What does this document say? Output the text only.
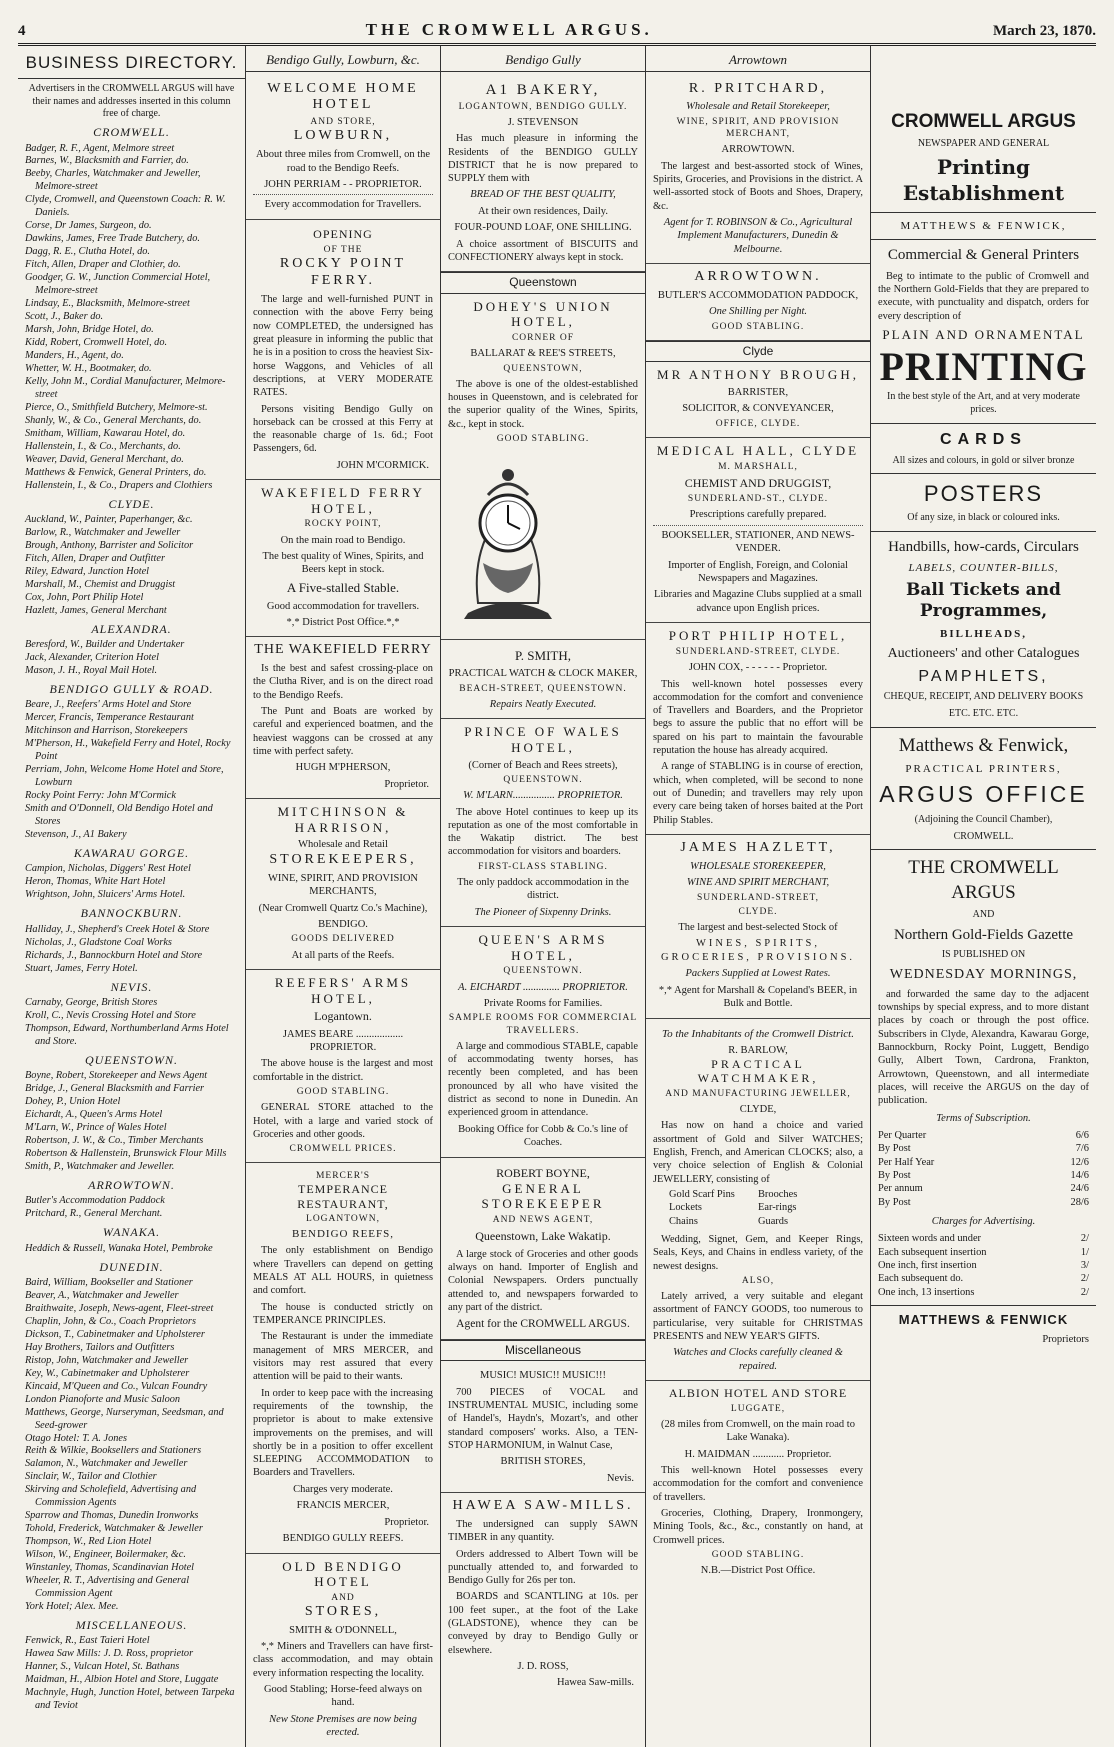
4	THE CROMWELL ARGUS.	March 23, 1870.
BUSINESS DIRECTORY.
Advertisers in the CROMWELL ARGUS will have their names and addresses inserted in this column free of charge.
CROMWELL.
Badger, R. F., Agent, Melmore street
Barnes, W., Blacksmith and Farrier, do.
Beeby, Charles, Watchmaker and Jeweller, Melmore-street
Clyde, Cromwell, and Queenstown Coach: R. W. Daniels.
Corse, Dr James, Surgeon, do.
Dawkins, James, Free Trade Butchery, do.
Dagg, R. E., Clutha Hotel, do.
Fitch, Allen, Draper and Clothier, do.
Goodger, G. W., Junction Commercial Hotel, Melmore-street
Lindsay, E., Blacksmith, Melmore-street
Scott, J., Baker do.
Marsh, John, Bridge Hotel, do.
Kidd, Robert, Cromwell Hotel, do.
Manders, H., Agent, do.
Whetter, W. H., Bootmaker, do.
Kelly, John M., Cordial Manufacturer, Melmore-street
Pierce, O., Smithfield Butchery, Melmore-st.
Shanly, W., & Co., General Merchants, do.
Smitham, William, Kawarau Hotel, do.
Hallenstein, I., & Co., Merchants, do.
Weaver, David, General Merchant, do.
Matthews & Fenwick, General Printers, do.
Hallenstein, I., & Co., Drapers and Clothiers
CLYDE.
Auckland, W., Painter, Paperhanger, &c.
Barlow, R., Watchmaker and Jeweller
Brough, Anthony, Barrister and Solicitor
Fitch, Allen, Draper and Outfitter
Riley, Edward, Junction Hotel
Marshall, M., Chemist and Druggist
Cox, John, Port Philip Hotel
Hazlett, James, General Merchant
ALEXANDRA.
Beresford, W., Builder and Undertaker
Jack, Alexander, Criterion Hotel
Mason, J. H., Royal Mail Hotel.
BENDIGO GULLY & ROAD.
Beare, J., Reefers' Arms Hotel and Store
Mercer, Francis, Temperance Restaurant
Mitchinson and Harrison, Storekeepers
M'Pherson, H., Wakefield Ferry and Hotel, Rocky Point
Perriam, John, Welcome Home Hotel and Store, Lowburn
Rocky Point Ferry: John M'Cormick
Smith and O'Donnell, Old Bendigo Hotel and Stores
Stevenson, J., A1 Bakery
KAWARAU GORGE.
Campion, Nicholas, Diggers' Rest Hotel
Heron, Thomas, White Hart Hotel
Wrightson, John, Sluicers' Arms Hotel.
BANNOCKBURN.
Halliday, J., Shepherd's Creek Hotel & Store
Nicholas, J., Gladstone Coal Works
Richards, J., Bannockburn Hotel and Store
Stuart, James, Ferry Hotel.
NEVIS.
Carnaby, George, British Stores
Kroll, C., Nevis Crossing Hotel and Store
Thompson, Edward, Northumberland Arms Hotel and Store.
QUEENSTOWN.
Boyne, Robert, Storekeeper and News Agent
Bridge, J., General Blacksmith and Farrier
Dohey, P., Union Hotel
Eichardt, A., Queen's Arms Hotel
M'Larn, W., Prince of Wales Hotel
Robertson, J. W., & Co., Timber Merchants
Robertson & Hallenstein, Brunswick Flour Mills
Smith, P., Watchmaker and Jeweller.
ARROWTOWN.
Butler's Accommodation Paddock
Pritchard, R., General Merchant.
WANAKA.
Heddich & Russell, Wanaka Hotel, Pembroke
DUNEDIN.
Baird, William, Bookseller and Stationer
Beaver, A., Watchmaker and Jeweller
Braithwaite, Joseph, News-agent, Fleet-street
Chaplin, John, & Co., Coach Proprietors
Dickson, T., Cabinetmaker and Upholsterer
Hay Brothers, Tailors and Outfitters
Ristop, John, Watchmaker and Jeweller
Key, W., Cabinetmaker and Upholsterer
Kincaid, M'Queen and Co., Vulcan Foundry
London Pianoforte and Music Saloon
Matthews, George, Nurseryman, Seedsman, and Seed-grower
Otago Hotel: T. A. Jones
Reith & Wilkie, Booksellers and Stationers
Salamon, N., Watchmaker and Jeweller
Sinclair, W., Tailor and Clothier
Skirving and Scholefield, Advertising and Commission Agents
Sparrow and Thomas, Dunedin Ironworks
Tohold, Frederick, Watchmaker & Jeweller
Thompson, W., Red Lion Hotel
Wilson, W., Engineer, Boilermaker, &c.
Winstanley, Thomas, Scandinavian Hotel
Wheeler, R. T., Advertising and General Commission Agent
York Hotel; Alex. Mee.
MISCELLANEOUS.
Fenwick, R., East Taieri Hotel
Hawea Saw Mills: J. D. Ross, proprietor
Hanner, S., Vulcan Hotel, St. Bathans
Maidman, H., Albion Hotel and Store, Luggate
Machnyle, Hugh, Junction Hotel, between Tarpeka and Teviot
Bendigo Gully, Lowburn, &c.
WELCOME HOME HOTEL
AND STORE,
LOWBURN,
About three miles from Cromwell, on the road to the Bendigo Reefs.
JOHN PERRIAM - - PROPRIETOR.
Every accommodation for Travellers.
OPENING
OF THE
ROCKY POINT FERRY.
The large and well-furnished PUNT in connection with the above Ferry being now COMPLETED, the undersigned has great pleasure in informing the public that he is in a position to cross the heaviest Six-horse Waggons, and Vehicles of all descriptions, at VERY MODERATE RATES.
Persons visiting Bendigo Gully on horseback can be crossed at this Ferry at the reasonable charge of 1s. 6d.; Foot Passengers, 6d.
JOHN M'CORMICK.
WAKEFIELD FERRY HOTEL,
ROCKY POINT,
On the main road to Bendigo.
The best quality of Wines, Spirits, and Beers kept in stock.
A Five-stalled Stable.
Good accommodation for travellers.
*,* District Post Office.*,*
THE WAKEFIELD FERRY
Is the best and safest crossing-place on the Clutha River, and is on the direct road to the Bendigo Reefs.
The Punt and Boats are worked by careful and experienced boatmen, and the heaviest waggons can be crossed at any time with perfect safety.
HUGH M'PHERSON,
Proprietor.
MITCHINSON & HARRISON,
Wholesale and Retail
STOREKEEPERS,
WINE, SPIRIT, AND PROVISION MERCHANTS,
(Near Cromwell Quartz Co.'s Machine),
BENDIGO.
GOODS DELIVERED
At all parts of the Reefs.
REEFERS' ARMS HOTEL,
Logantown.
JAMES BEARE .................. PROPRIETOR.
The above house is the largest and most comfortable in the district.
GOOD STABLING.
GENERAL STORE attached to the Hotel, with a large and varied stock of Groceries and other goods.
CROMWELL PRICES.
MERCER'S
TEMPERANCE RESTAURANT,
LOGANTOWN,
BENDIGO REEFS,
The only establishment on Bendigo where Travellers can depend on getting MEALS AT ALL HOURS, in quietness and comfort.
The house is conducted strictly on TEMPERANCE PRINCIPLES.
The Restaurant is under the immediate management of MRS MERCER, and visitors may rest assured that every attention will be paid to their wants.
In order to keep pace with the increasing requirements of the township, the proprietor is about to make extensive improvements on the premises, and will shortly be in a position to offer excellent SLEEPING ACCOMMODATION to Boarders and Travellers.
Charges very moderate.
FRANCIS MERCER,
Proprietor.
BENDIGO GULLY REEFS.
OLD BENDIGO HOTEL
AND
STORES,
SMITH & O'DONNELL,
*,* Miners and Travellers can have first-class accommodation, and may obtain every information respecting the locality.
Good Stabling; Horse-feed always on hand.
New Stone Premises are now being erected.
Bendigo Gully
A1 BAKERY,
LOGANTOWN, BENDIGO GULLY.
J. STEVENSON
Has much pleasure in informing the Residents of the BENDIGO GULLY DISTRICT that he is now prepared to SUPPLY them with
BREAD OF THE BEST QUALITY,
At their own residences, Daily.
FOUR-POUND LOAF, ONE SHILLING.
A choice assortment of BISCUITS and CONFECTIONERY always kept in stock.
Queenstown
DOHEY'S UNION HOTEL,
CORNER OF
BALLARAT & REE'S STREETS,
QUEENSTOWN,
The above is one of the oldest-established houses in Queenstown, and is celebrated for the superior quality of the Wines, Spirits, &c., kept in stock.
GOOD STABLING.
P. SMITH,
PRACTICAL WATCH & CLOCK MAKER,
BEACH-STREET, QUEENSTOWN.
Repairs Neatly Executed.
PRINCE OF WALES HOTEL,
(Corner of Beach and Rees streets),
QUEENSTOWN.
W. M'LARN................ PROPRIETOR.
The above Hotel continues to keep up its reputation as one of the most comfortable in the Wakatip district. The best accommodation for visitors and boarders.
FIRST-CLASS STABLING.
The only paddock accommodation in the district.
The Pioneer of Sixpenny Drinks.
QUEEN'S ARMS HOTEL,
QUEENSTOWN.
A. EICHARDT .............. PROPRIETOR.
Private Rooms for Families.
SAMPLE ROOMS FOR COMMERCIAL TRAVELLERS.
A large and commodious STABLE, capable of accommodating twenty horses, has recently been completed, and has been pronounced by all who have visited the district as second to none in Dunedin. An experienced groom in attendance.
Booking Office for Cobb & Co.'s line of Coaches.
ROBERT BOYNE,
GENERAL STOREKEEPER
AND NEWS AGENT,
Queenstown, Lake Wakatip.
A large stock of Groceries and other goods always on hand. Importer of English and Colonial Newspapers. Orders punctually attended to, and newspapers forwarded to any part of the district.
Agent for the CROMWELL ARGUS.
Miscellaneous
MUSIC! MUSIC!! MUSIC!!!
700 PIECES of VOCAL and INSTRUMENTAL MUSIC, including some of Handel's, Haydn's, Mozart's, and other standard composers' works. Also, a TEN-STOP HARMONIUM, in Walnut Case,
BRITISH STORES,
Nevis.
HAWEA SAW-MILLS.
The undersigned can supply SAWN TIMBER in any quantity.
Orders addressed to Albert Town will be punctually attended to, and forwarded to Bendigo Gully for 26s per ton.
BOARDS and SCANTLING at 10s. per 100 feet super., at the foot of the Lake (GLADSTONE), whence they can be conveyed by dray to Bendigo Gully or elsewhere.
J. D. ROSS,
Hawea Saw-mills.
Arrowtown
R. PRITCHARD,
Wholesale and Retail Storekeeper,
WINE, SPIRIT, AND PROVISION MERCHANT,
ARROWTOWN.
The largest and best-assorted stock of Wines, Spirits, Groceries, and Provisions in the district. A well-assorted stock of Boots and Shoes, Drapery, &c.
Agent for T. ROBINSON & Co., Agricultural Implement Manufacturers, Dunedin & Melbourne.
ARROWTOWN.
BUTLER'S ACCOMMODATION PADDOCK,
One Shilling per Night.
GOOD STABLING.
Clyde
MR ANTHONY BROUGH,
BARRISTER,
SOLICITOR, & CONVEYANCER,
OFFICE, CLYDE.
MEDICAL HALL, CLYDE
M. MARSHALL,
CHEMIST AND DRUGGIST,
SUNDERLAND-ST., CLYDE.
Prescriptions carefully prepared.
BOOKSELLER, STATIONER, AND NEWS-VENDER.
Importer of English, Foreign, and Colonial Newspapers and Magazines.
Libraries and Magazine Clubs supplied at a small advance upon English prices.
PORT PHILIP HOTEL,
SUNDERLAND-STREET, CLYDE.
JOHN COX, - - - - - - Proprietor.
This well-known hotel possesses every accommodation for the comfort and convenience of Travellers and Boarders, and the Proprietor begs to assure the public that no effort will be spared on his part to maintain the favourable reputation the house has already acquired.
A range of STABLING is in course of erection, which, when completed, will be second to none out of Dunedin; and travellers may rely upon every care being taken of horses baited at the Port Philip Stables.
JAMES HAZLETT,
WHOLESALE STOREKEEPER,
WINE AND SPIRIT MERCHANT,
SUNDERLAND-STREET,
CLYDE.
The largest and best-selected Stock of
WINES, SPIRITS, GROCERIES, PROVISIONS.
Packers Supplied at Lowest Rates.
*,* Agent for Marshall & Copeland's BEER, in Bulk and Bottle.
To the Inhabitants of the Cromwell District.
R. BARLOW,
PRACTICAL WATCHMAKER,
AND MANUFACTURING JEWELLER,
CLYDE,
Has now on hand a choice and varied assortment of Gold and Silver WATCHES; English, French, and American CLOCKS; also, a very choice selection of English & Colonial JEWELLERY, consisting of
Gold Scarf Pins	Brooches
Lockets	Ear-rings
Chains	Guards
Wedding, Signet, Gem, and Keeper Rings, Seals, Keys, and Chains in endless variety, of the newest designs.
ALSO,
Lately arrived, a very suitable and elegant assortment of FANCY GOODS, too numerous to particularise, very suitable for CHRISTMAS PRESENTS and NEW YEAR'S GIFTS.
Watches and Clocks carefully cleaned & repaired.
ALBION HOTEL AND STORE
LUGGATE,
(28 miles from Cromwell, on the main road to Lake Wanaka).
H. MAIDMAN ............ Proprietor.
This well-known Hotel possesses every accommodation for the comfort and convenience of travellers.
Groceries, Clothing, Drapery, Ironmongery, Mining Tools, &c., &c., constantly on hand, at Cromwell prices.
GOOD STABLING.
N.B.—District Post Office.
CROMWELL ARGUS
NEWSPAPER AND GENERAL
Printing Establishment
MATTHEWS & FENWICK,
Commercial & General Printers
Beg to intimate to the public of Cromwell and the Northern Gold-Fields that they are prepared to execute, with punctuality and dispatch, orders for every description of
PLAIN AND ORNAMENTAL
PRINTING
In the best style of the Art, and at very moderate prices.
CARDS
All sizes and colours, in gold or silver bronze
POSTERS
Of any size, in black or coloured inks.
Handbills, how-cards, Circulars
LABELS, COUNTER-BILLS,
Ball Tickets and Programmes,
BILLHEADS,
Auctioneers' and other Catalogues
PAMPHLETS,
CHEQUE, RECEIPT, AND DELIVERY BOOKS
ETC. ETC. ETC.
Matthews & Fenwick,
PRACTICAL PRINTERS,
ARGUS OFFICE
(Adjoining the Council Chamber),
CROMWELL.
THE CROMWELL ARGUS
AND
Northern Gold-Fields Gazette
IS PUBLISHED ON
WEDNESDAY MORNINGS,
and forwarded the same day to the adjacent townships by special express, and to more distant places by coach or through the post office. Subscribers in Clyde, Alexandra, Kawarau Gorge, Bannockburn, Rocky Point, Luggett, Bendigo Gully, Albert Town, Cardrona, Frankton, Arrowtown, Queenstown, and all intermediate places, will receive the ARGUS on the day of publication.
Terms of Subscription.
Per Quarter	6/6
By Post	7/6
Per Half Year	12/6
By Post	14/6
Per annum	24/6
By Post	28/6
Charges for Advertising.
Sixteen words and under	2/
Each subsequent insertion	1/
One inch, first insertion	3/
Each subsequent do.	2/
One inch, 13 insertions	2/
MATTHEWS & FENWICK
Proprietors
